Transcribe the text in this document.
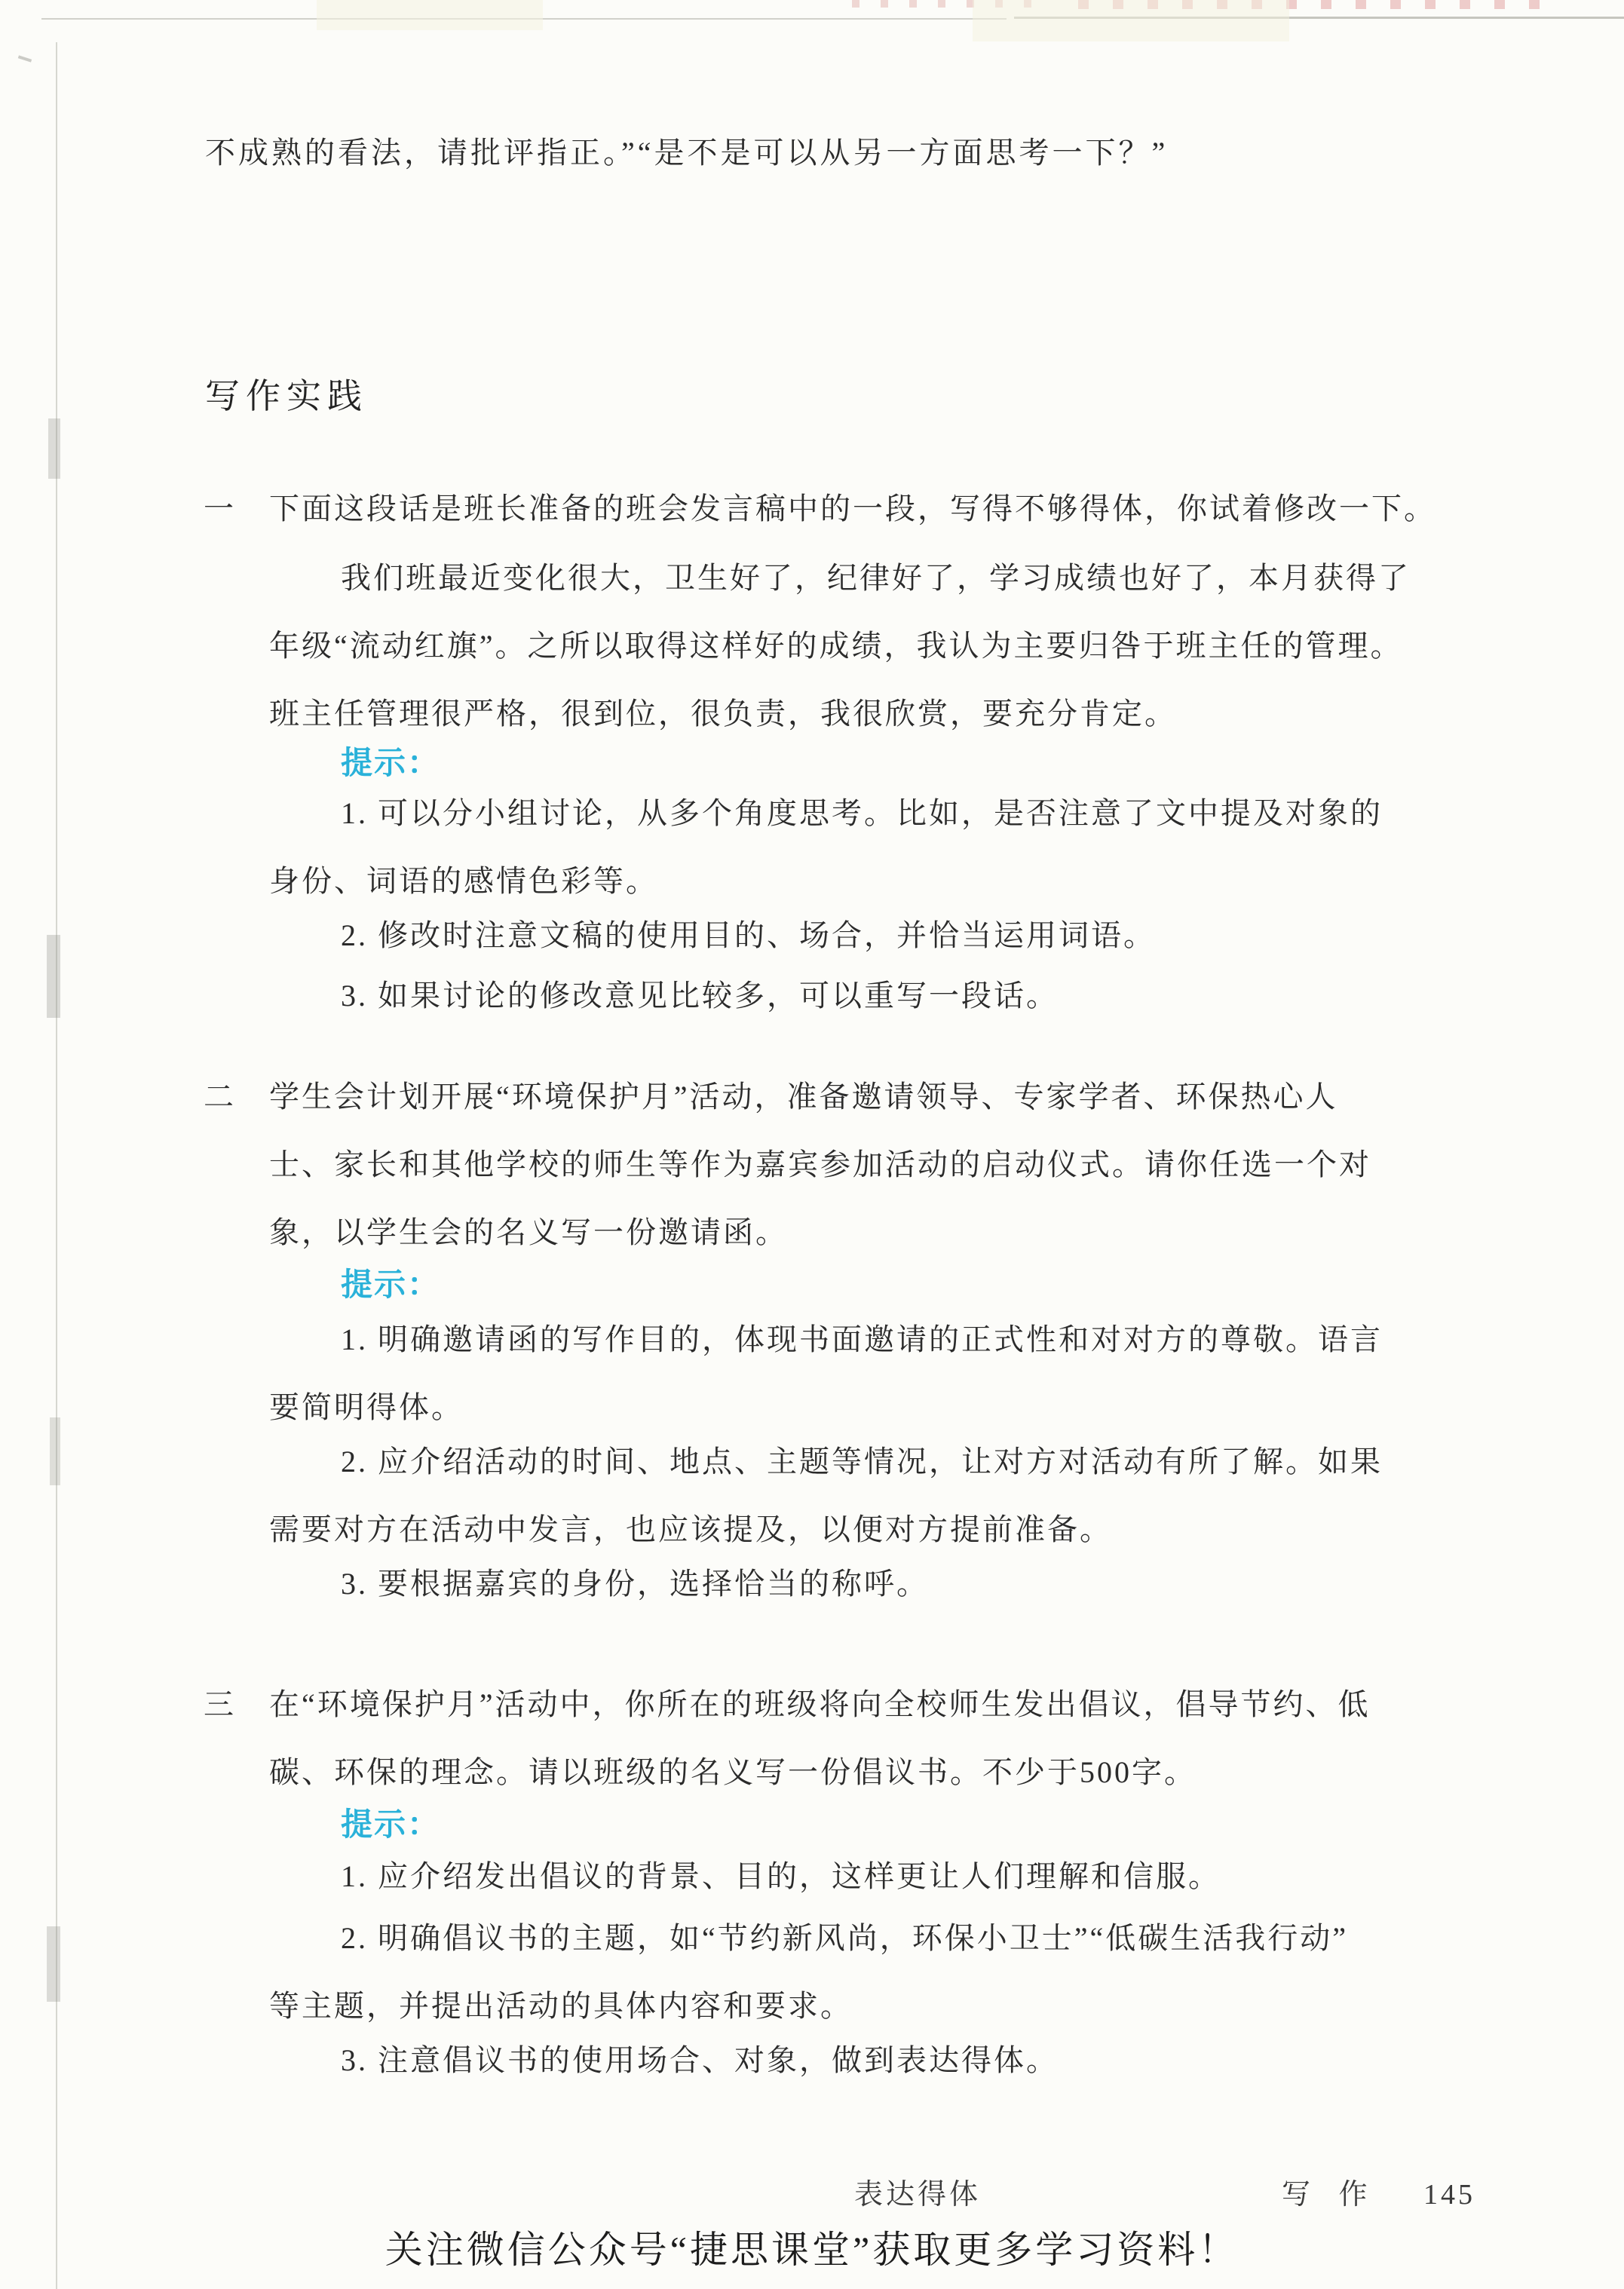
不成熟的看法，请批评指正。”“是不是可以从另一方面思考一下？”
写作实践
一 下面这段话是班长准备的班会发言稿中的一段，写得不够得体，你试着修改一下。
我们班最近变化很大，卫生好了，纪律好了，学习成绩也好了，本月获得了
年级“流动红旗”。之所以取得这样好的成绩，我认为主要归咎于班主任的管理。
班主任管理很严格，很到位，很负责，我很欣赏，要充分肯定。
提示：
1. 可以分小组讨论，从多个角度思考。比如，是否注意了文中提及对象的
身份、词语的感情色彩等。
2. 修改时注意文稿的使用目的、场合，并恰当运用词语。
3. 如果讨论的修改意见比较多，可以重写一段话。
二 学生会计划开展“环境保护月”活动，准备邀请领导、专家学者、环保热心人
士、家长和其他学校的师生等作为嘉宾参加活动的启动仪式。请你任选一个对
象，以学生会的名义写一份邀请函。
提示：
1. 明确邀请函的写作目的，体现书面邀请的正式性和对对方的尊敬。语言
要简明得体。
2. 应介绍活动的时间、地点、主题等情况，让对方对活动有所了解。如果
需要对方在活动中发言，也应该提及，以便对方提前准备。
3. 要根据嘉宾的身份，选择恰当的称呼。
三 在“环境保护月”活动中，你所在的班级将向全校师生发出倡议，倡导节约、低
碳、环保的理念。请以班级的名义写一份倡议书。不少于500字。
提示：
1. 应介绍发出倡议的背景、目的，这样更让人们理解和信服。
2. 明确倡议书的主题，如“节约新风尚，环保小卫士”“低碳生活我行动”
等主题，并提出活动的具体内容和要求。
3. 注意倡议书的使用场合、对象，做到表达得体。
表达得体	写 作 145
关注微信公众号“捷思课堂”获取更多学习资料！
